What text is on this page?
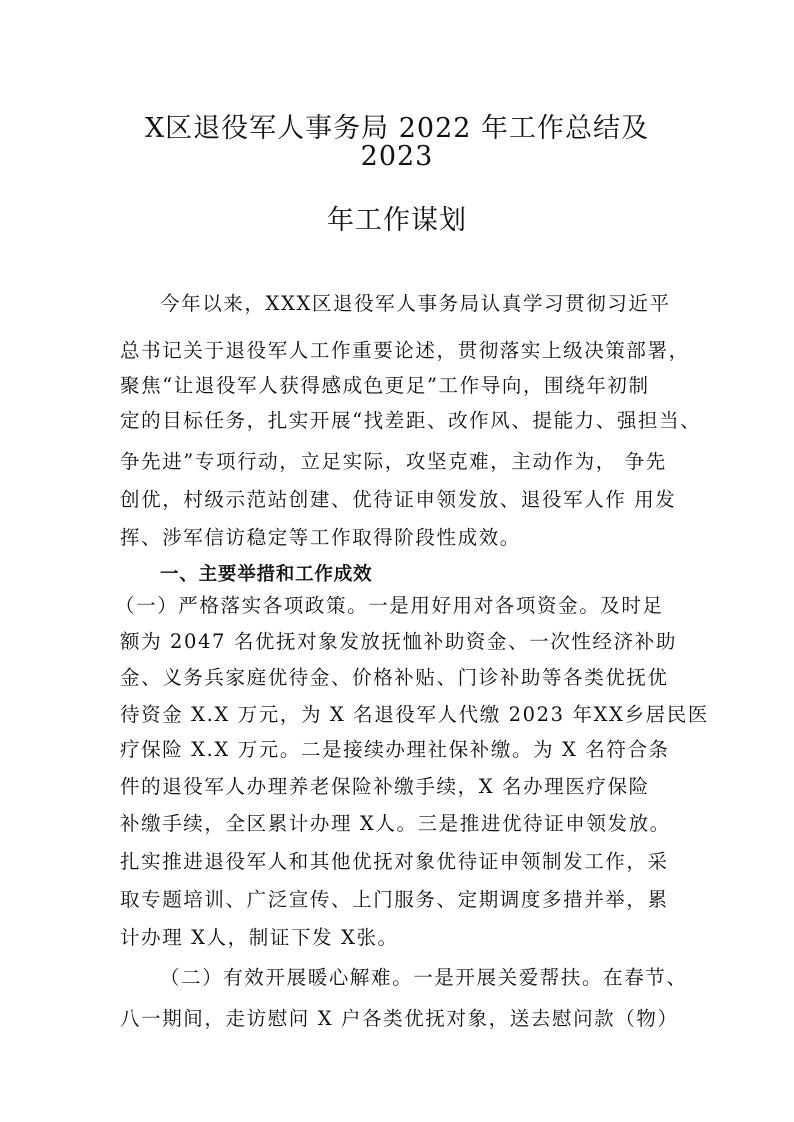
X区退役军人事务局 2022 年工作总结及
2023
年工作谋划
今年以来，XXX区退役军人事务局认真学习贯彻习近平
总书记关于退役军人工作重要论述，贯彻落实上级决策部署，
聚焦“让退役军人获得感成色更足”工作导向，围绕年初制
定的目标任务，扎实开展“找差距、改作风、提能力、强担当、
争先进”专项行动，立足实际，攻坚克难，主动作为， 争先
创优，村级示范站创建、优待证申领发放、退役军人作 用发
挥、涉军信访稳定等工作取得阶段性成效。
一、主要举措和工作成效
（一）严格落实各项政策。一是用好用对各项资金。及时足
额为 2047 名优抚对象发放抚恤补助资金、一次性经济补助
金、义务兵家庭优待金、价格补贴、门诊补助等各类优抚优
待资金 X.X 万元，为 X 名退役军人代缴 2023 年XX乡居民医
疗保险 X.X 万元。二是接续办理社保补缴。为 X 名符合条
件的退役军人办理养老保险补缴手续，X 名办理医疗保险
补缴手续，全区累计办理 X人。三是推进优待证申领发放。
扎实推进退役军人和其他优抚对象优待证申领制发工作，采
取专题培训、广泛宣传、上门服务、定期调度多措并举，累
计办理 X人，制证下发 X张。
（二）有效开展暖心解难。一是开展关爱帮扶。在春节、
八一期间，走访慰问 X 户各类优抚对象，送去慰问款（物）
